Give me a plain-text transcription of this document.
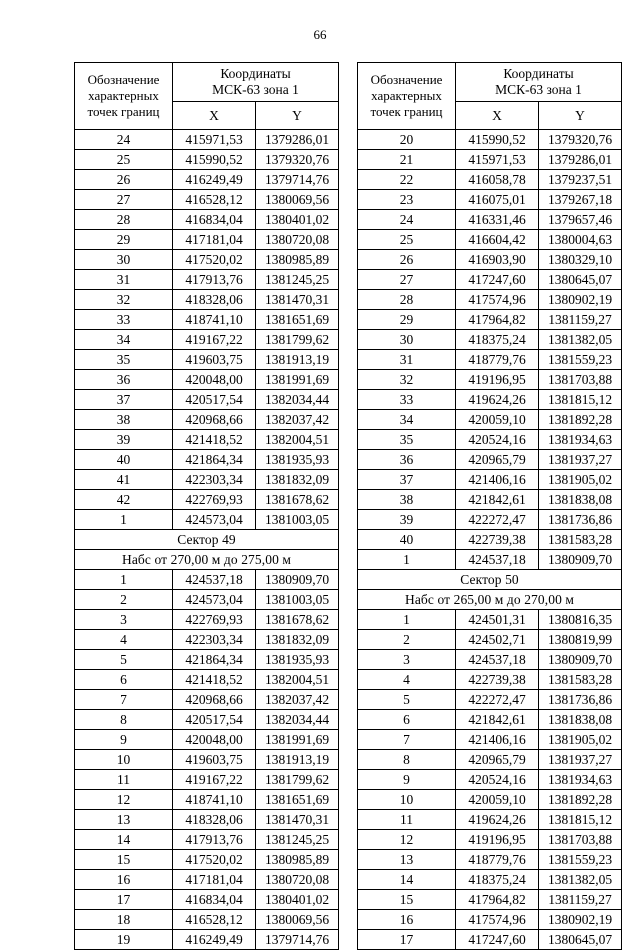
66
Обозначение характерных точек границ	Координаты
МСК-63 зона 1	
	X	Y
24	415971,53	1379286,01
25	415990,52	1379320,76
26	416249,49	1379714,76
27	416528,12	1380069,56
28	416834,04	1380401,02
29	417181,04	1380720,08
30	417520,02	1380985,89
31	417913,76	1381245,25
32	418328,06	1381470,31
33	418741,10	1381651,69
34	419167,22	1381799,62
35	419603,75	1381913,19
36	420048,00	1381991,69
37	420517,54	1382034,44
38	420968,66	1382037,42
39	421418,52	1382004,51
40	421864,34	1381935,93
41	422303,34	1381832,09
42	422769,93	1381678,62
1	424573,04	1381003,05
Сектор 49		
Набс от 270,00 м до 275,00 м		
1	424537,18	1380909,70
2	424573,04	1381003,05
3	422769,93	1381678,62
4	422303,34	1381832,09
5	421864,34	1381935,93
6	421418,52	1382004,51
7	420968,66	1382037,42
8	420517,54	1382034,44
9	420048,00	1381991,69
10	419603,75	1381913,19
11	419167,22	1381799,62
12	418741,10	1381651,69
13	418328,06	1381470,31
14	417913,76	1381245,25
15	417520,02	1380985,89
16	417181,04	1380720,08
17	416834,04	1380401,02
18	416528,12	1380069,56
19	416249,49	1379714,76
Обозначение характерных точек границ	Координаты
МСК-63 зона 1	
	X	Y
20	415990,52	1379320,76
21	415971,53	1379286,01
22	416058,78	1379237,51
23	416075,01	1379267,18
24	416331,46	1379657,46
25	416604,42	1380004,63
26	416903,90	1380329,10
27	417247,60	1380645,07
28	417574,96	1380902,19
29	417964,82	1381159,27
30	418375,24	1381382,05
31	418779,76	1381559,23
32	419196,95	1381703,88
33	419624,26	1381815,12
34	420059,10	1381892,28
35	420524,16	1381934,63
36	420965,79	1381937,27
37	421406,16	1381905,02
38	421842,61	1381838,08
39	422272,47	1381736,86
40	422739,38	1381583,28
1	424537,18	1380909,70
Сектор 50		
Набс от 265,00 м до 270,00 м		
1	424501,31	1380816,35
2	424502,71	1380819,99
3	424537,18	1380909,70
4	422739,38	1381583,28
5	422272,47	1381736,86
6	421842,61	1381838,08
7	421406,16	1381905,02
8	420965,79	1381937,27
9	420524,16	1381934,63
10	420059,10	1381892,28
11	419624,26	1381815,12
12	419196,95	1381703,88
13	418779,76	1381559,23
14	418375,24	1381382,05
15	417964,82	1381159,27
16	417574,96	1380902,19
17	417247,60	1380645,07
